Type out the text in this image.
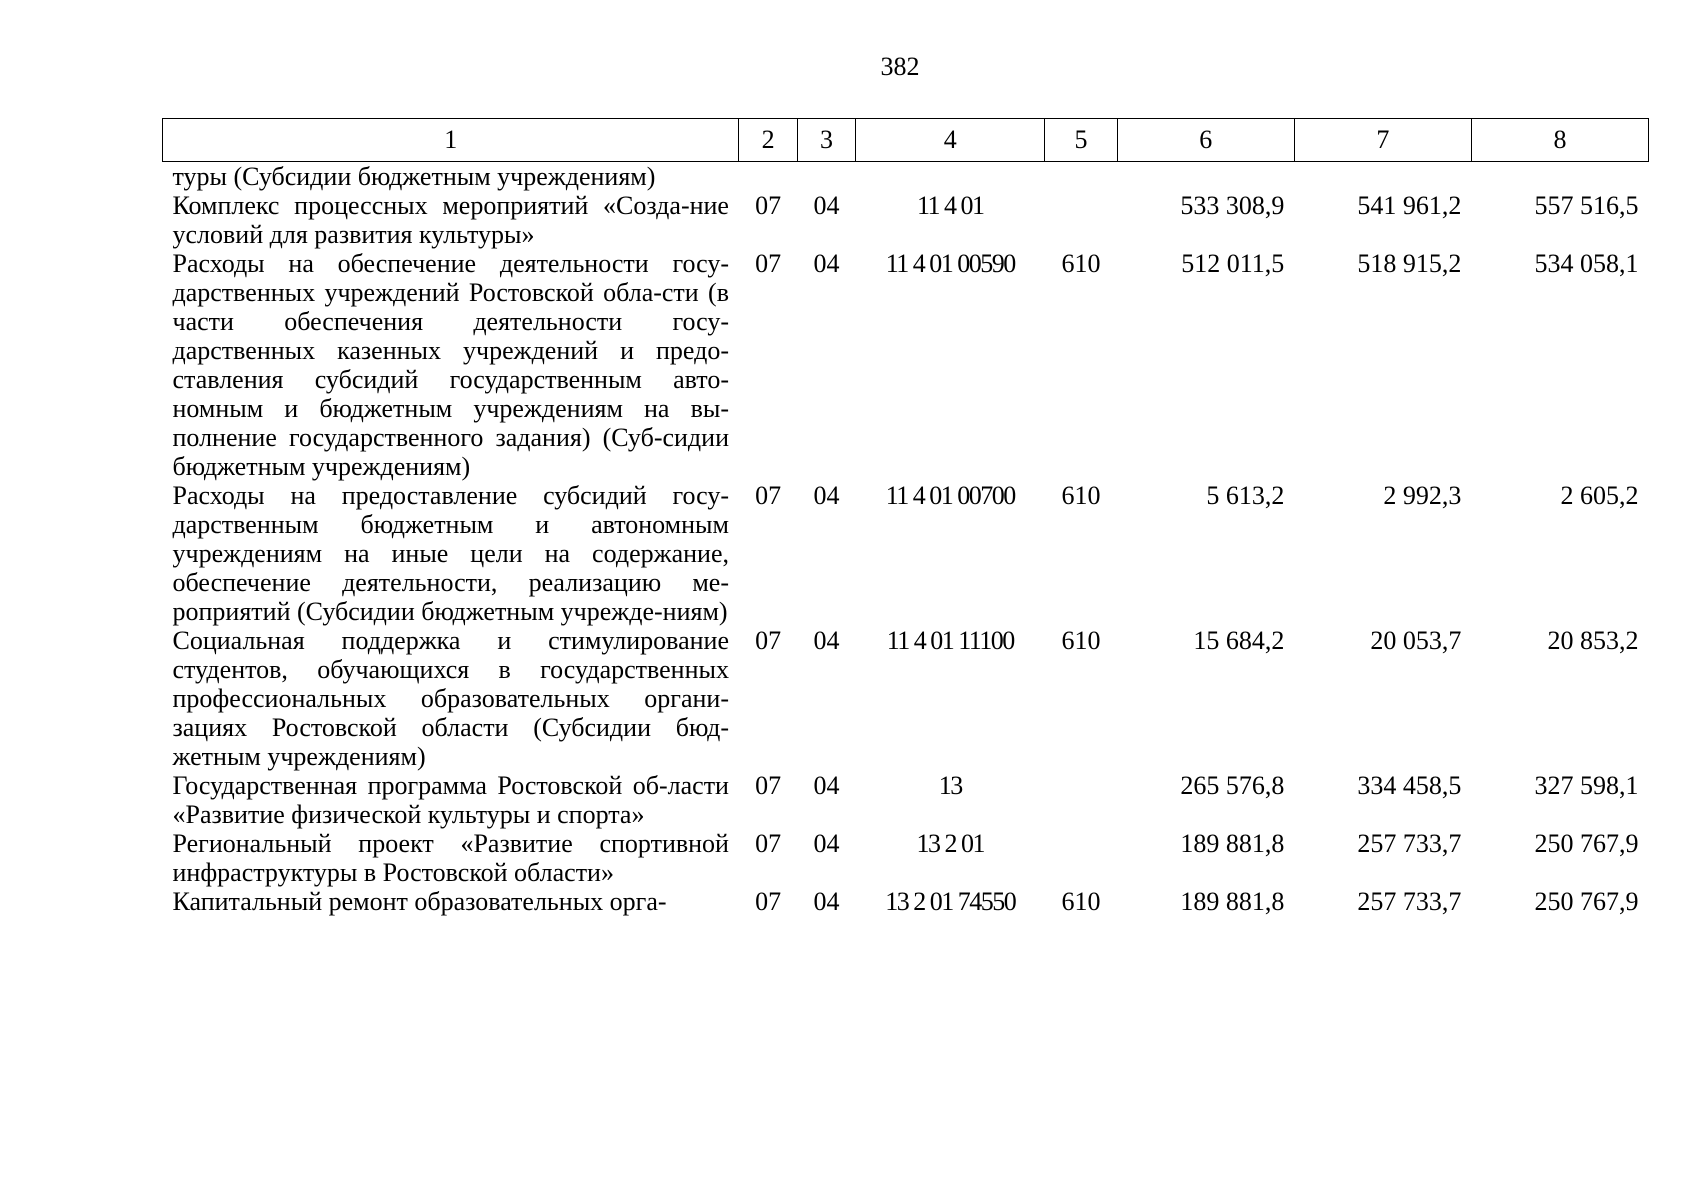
382
1	2	3	4	5	6	7	8
туры (Субсидии бюджетным учреждениям)							
Комплекс процессных мероприятий «Созда-ние условий для развития культуры»	07	04	11 4 01		533 308,9	541 961,2	557 516,5
Расходы на обеспечение деятельности госу-дарственных учреждений Ростовской обла-сти (в части обеспечения деятельности госу-дарственных казенных учреждений и предо-ставления субсидий государственным авто-номным и бюджетным учреждениям на вы-полнение государственного задания) (Суб-сидии бюджетным учреждениям)	07	04	11 4 01 00590	610	512 011,5	518 915,2	534 058,1
Расходы на предоставление субсидий госу-дарственным бюджетным и автономным учреждениям на иные цели на содержание, обеспечение деятельности, реализацию ме-роприятий (Субсидии бюджетным учрежде-ниям)	07	04	11 4 01 00700	610	5 613,2	2 992,3	2 605,2
Социальная поддержка и стимулирование студентов, обучающихся в государственных профессиональных образовательных органи-зациях Ростовской области (Субсидии бюд-жетным учреждениям)	07	04	11 4 01 11100	610	15 684,2	20 053,7	20 853,2
Государственная программа Ростовской об-ласти «Развитие физической культуры и спорта»	07	04	13		265 576,8	334 458,5	327 598,1
Региональный проект «Развитие спортивной инфраструктуры в Ростовской области»	07	04	13 2 01		189 881,8	257 733,7	250 767,9
Капитальный ремонт образовательных орга-	07	04	13 2 01 74550	610	189 881,8	257 733,7	250 767,9
